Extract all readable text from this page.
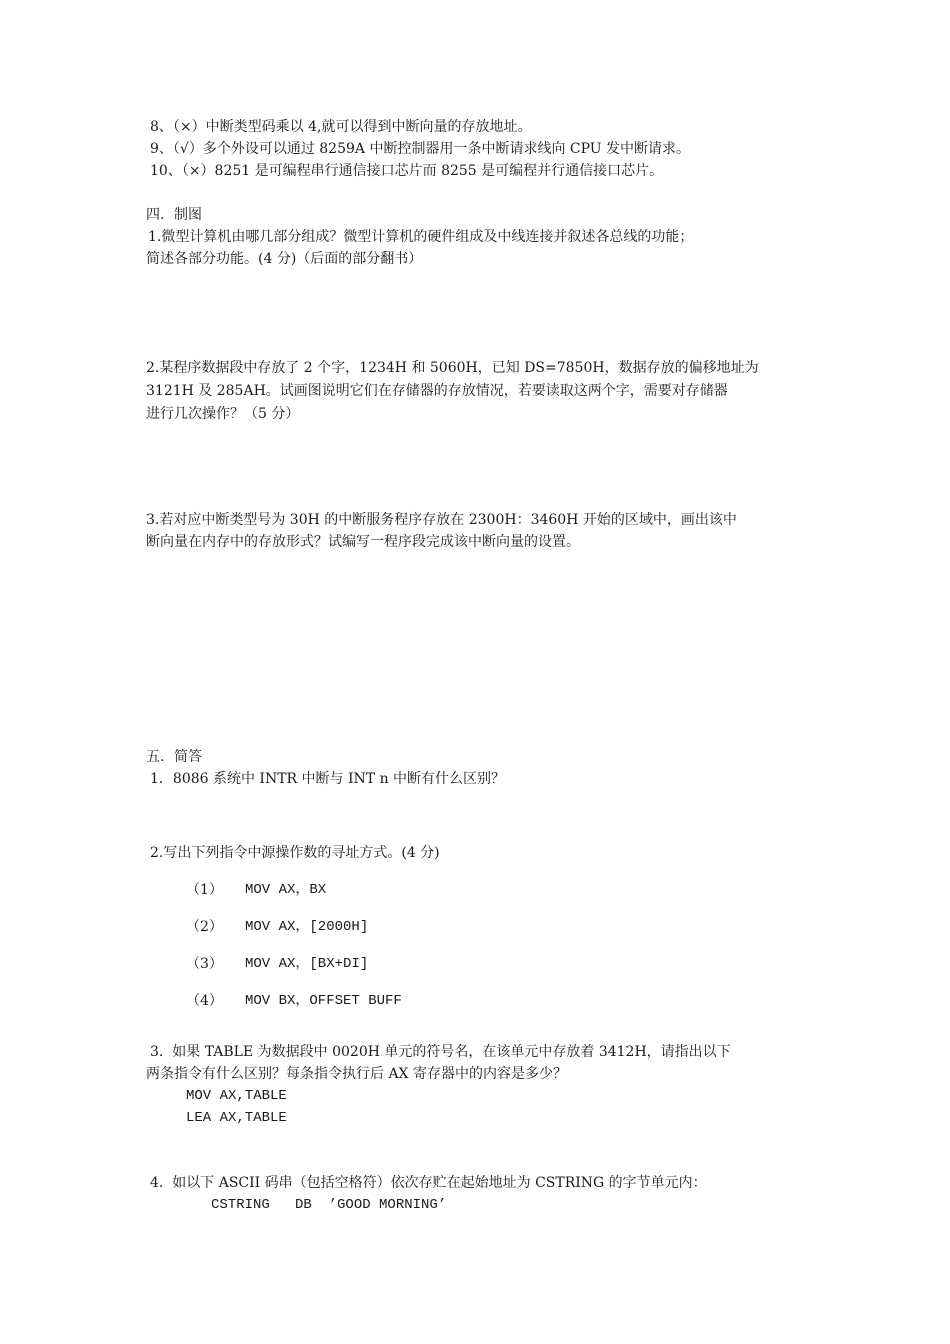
8、（×）中断类型码乘以 4,就可以得到中断向量的存放地址。
9、（√）多个外设可以通过 8259A 中断控制器用一条中断请求线向 CPU 发中断请求。
10、（×）8251 是可编程串行通信接口芯片而 8255 是可编程并行通信接口芯片。
四．制图
1.微型计算机由哪几部分组成？微型计算机的硬件组成及中线连接并叙述各总线的功能；
简述各部分功能。(4 分)（后面的部分翻书）
2.某程序数据段中存放了 2 个字，1234H 和 5060H，已知 DS=7850H，数据存放的偏移地址为
3121H 及 285AH。试画图说明它们在存储器的存放情况，若要读取这两个字，需要对存储器
进行几次操作？（5 分）
3.若对应中断类型号为 30H 的中断服务程序存放在 2300H：3460H 开始的区域中，画出该中
断向量在内存中的存放形式？试编写一程序段完成该中断向量的设置。
五．简答
1．8086 系统中 INTR 中断与 INT n 中断有什么区别？
2.写出下列指令中源操作数的寻址方式。(4 分)
（1） MOV AX，BX
（2） MOV AX，[2000H]
（3） MOV AX，[BX+DI]
（4） MOV BX，OFFSET BUFF
3.  如果 TABLE 为数据段中 0020H 单元的符号名，在该单元中存放着 3412H，请指出以下
两条指令有什么区别？每条指令执行后 AX 寄存器中的内容是多少？
MOV AX,TABLE
LEA AX,TABLE
4.  如以下 ASCII 码串（包括空格符）依次存贮在起始地址为 CSTRING 的字节单元内：
CSTRING   DB  ’GOOD MORNING’
